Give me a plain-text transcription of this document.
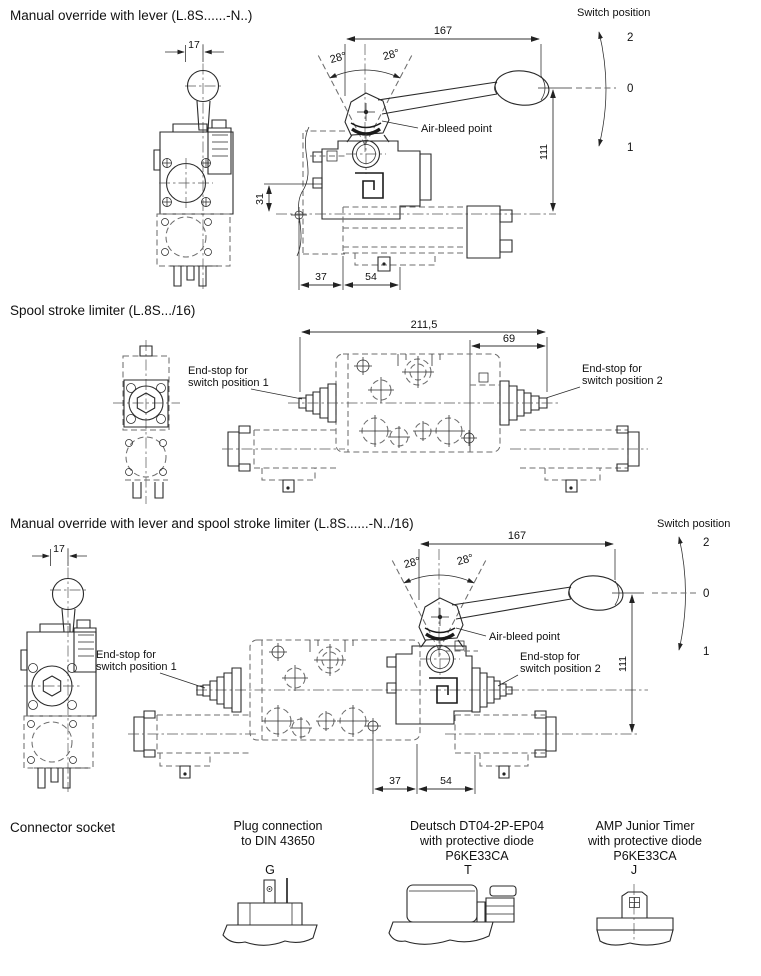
17
167
28°	28°
31
111
37	54
Air-bleed point
Switch position
2
0
1
211,5
69
End-stop for
switch position 1
End-stop for
switch position 2
17
End-stop for
switch position 1
167
28°	28°
End-stop for
switch position 2
Air-bleed point
111
37	54
Switch position
2
0
1
Plug connection
to DIN 43650
G
Deutsch DT04-2P-EP04
with protective diode
P6KE33CA
T
AMP Junior Timer
with protective diode
P6KE33CA
J
Manual override with lever (L.8S......-N..)
Spool stroke limiter (L.8S.../16)
Manual override with lever and spool stroke limiter (L.8S......-N../16)
Connector socket
